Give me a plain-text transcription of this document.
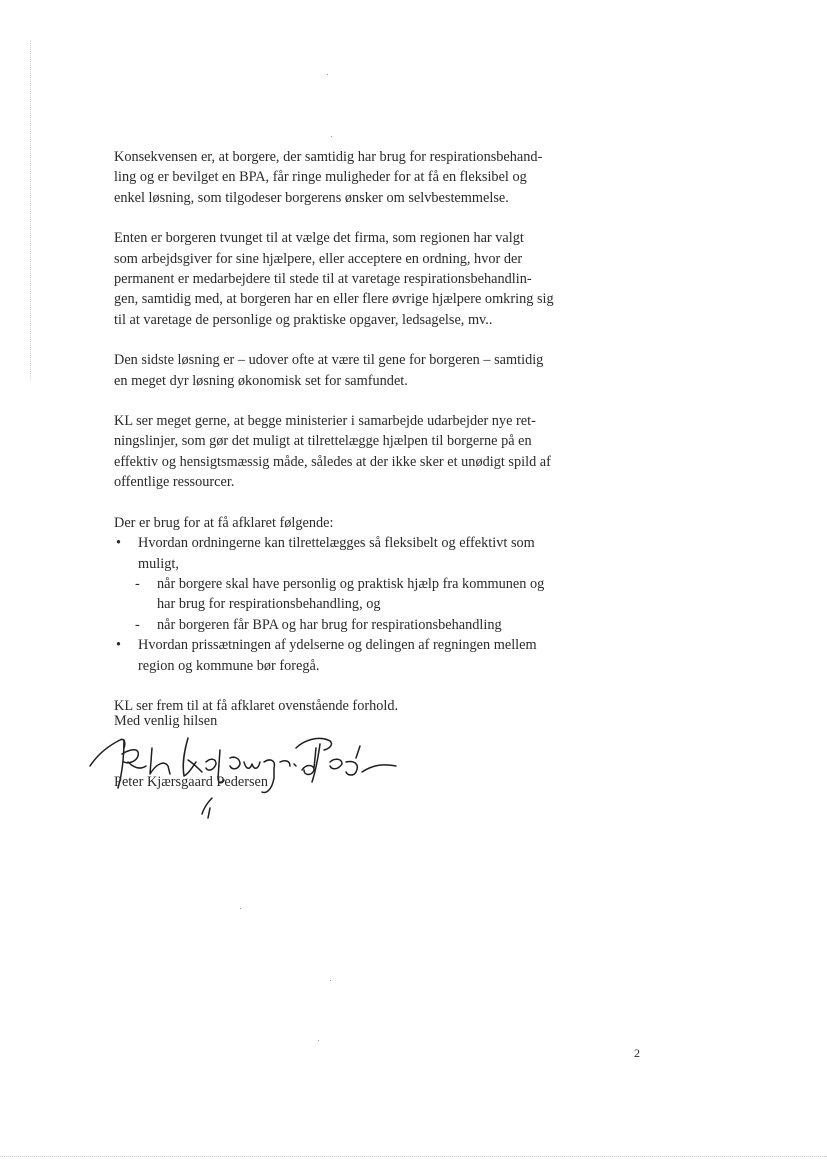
Konsekvensen er, at borgere, der samtidig har brug for respirationsbehand-
ling og er bevilget en BPA, får ringe muligheder for at få en fleksibel og
enkel løsning, som tilgodeser borgerens ønsker om selvbestemmelse.

Enten er borgeren tvunget til at vælge det firma, som regionen har valgt
som arbejdsgiver for sine hjælpere, eller acceptere en ordning, hvor der
permanent er medarbejdere til stede til at varetage respirationsbehandlin-
gen, samtidig med, at borgeren har en eller flere øvrige hjælpere omkring sig
til at varetage de personlige og praktiske opgaver, ledsagelse, mv..

Den sidste løsning er – udover ofte at være til gene for borgeren – samtidig
en meget dyr løsning økonomisk set for samfundet.

KL ser meget gerne, at begge ministerier i samarbejde udarbejder nye ret-
ningslinjer, som gør det muligt at tilrettelægge hjælpen til borgerne på en
effektiv og hensigtsmæssig måde, således at der ikke sker et unødigt spild af
offentlige ressourcer.

Der er brug for at få afklaret følgende:
• Hvordan ordningerne kan tilrettelægges så fleksibelt og effektivt som
muligt,
- når borgere skal have personlig og praktisk hjælp fra kommunen og
har brug for respirationsbehandling, og
- når borgeren får BPA og har brug for respirationsbehandling
• Hvordan prissætningen af ydelserne og delingen af regningen mellem
region og kommune bør foregå.

KL ser frem til at få afklaret ovenstående forhold.

Med venlig hilsen
Peter Kjærsgaard Pedersen
2
